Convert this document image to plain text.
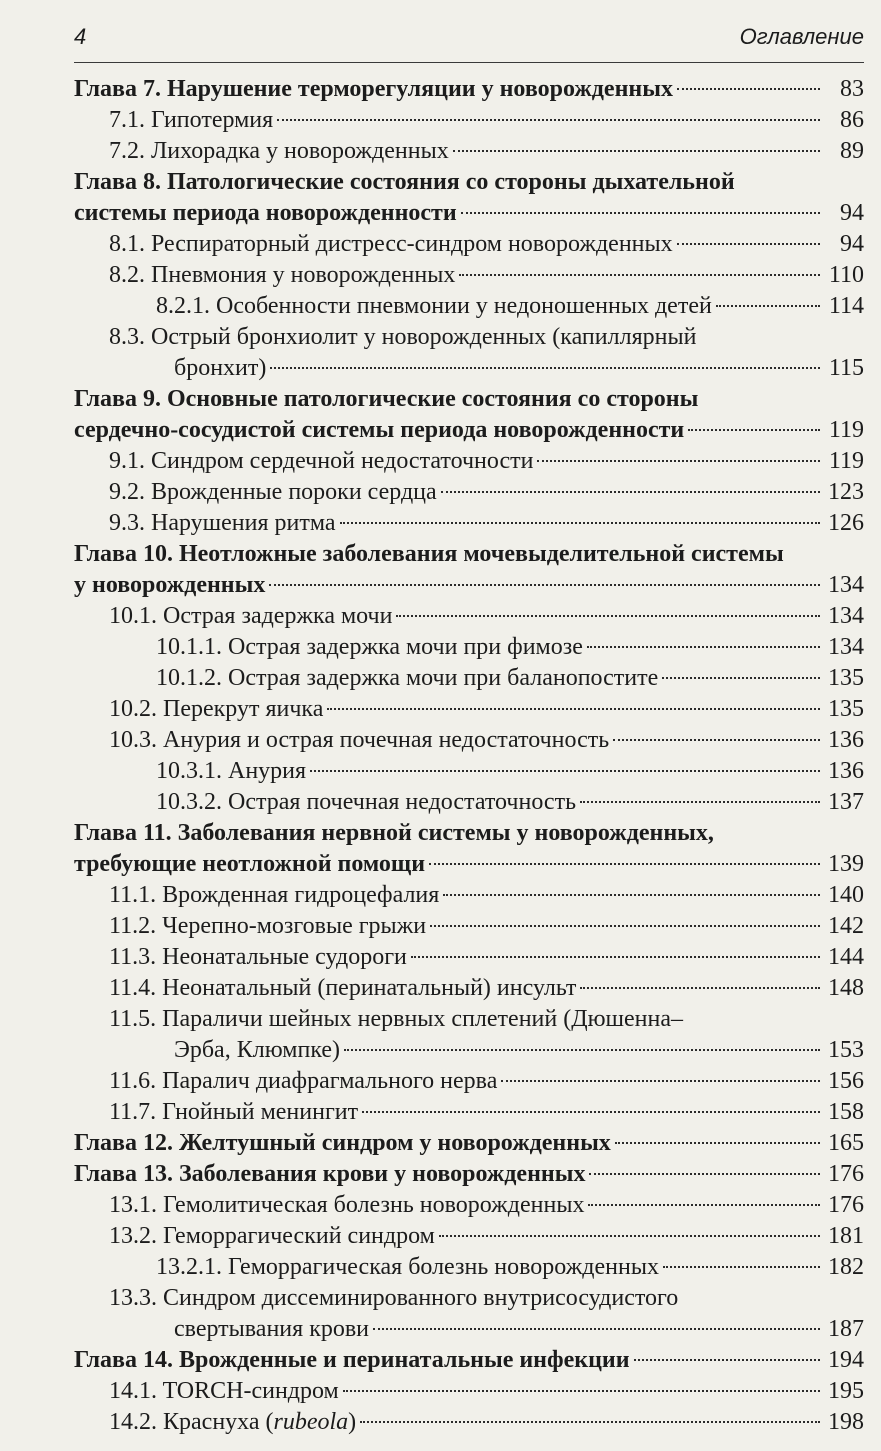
4	Оглавление
Глава 7. Нарушение терморегуляции у новорожденных	83
7.1. Гипотермия	86
7.2. Лихорадка у новорожденных	89
Глава 8. Патологические состояния со стороны дыхательной
системы периода новорожденности	94
8.1. Респираторный дистресс-синдром новорожденных	94
8.2. Пневмония у новорожденных	110
8.2.1. Особенности пневмонии у недоношенных детей	114
8.3. Острый бронхиолит у новорожденных (капиллярный
бронхит)	115
Глава 9. Основные патологические состояния со стороны
сердечно-сосудистой системы периода новорожденности	119
9.1. Синдром сердечной недостаточности	119
9.2. Врожденные пороки сердца	123
9.3. Нарушения ритма	126
Глава 10. Неотложные заболевания мочевыделительной системы
у новорожденных	134
10.1. Острая задержка мочи	134
10.1.1. Острая задержка мочи при фимозе	134
10.1.2. Острая задержка мочи при баланопостите	135
10.2. Перекрут яичка	135
10.3. Анурия и острая почечная недостаточность	136
10.3.1. Анурия	136
10.3.2. Острая почечная недостаточность	137
Глава 11. Заболевания нервной системы у новорожденных,
требующие неотложной помощи	139
11.1. Врожденная гидроцефалия	140
11.2. Черепно-мозговые грыжи	142
11.3. Неонатальные судороги	144
11.4. Неонатальный (перинатальный) инсульт	148
11.5. Параличи шейных нервных сплетений (Дюшенна–
Эрба, Клюмпке)	153
11.6. Паралич диафрагмального нерва	156
11.7. Гнойный менингит	158
Глава 12. Желтушный синдром у новорожденных	165
Глава 13. Заболевания крови у новорожденных	176
13.1. Гемолитическая болезнь новорожденных	176
13.2. Геморрагический синдром	181
13.2.1. Геморрагическая болезнь новорожденных	182
13.3. Синдром диссеминированного внутрисосудистого
свертывания крови	187
Глава 14. Врожденные и перинатальные инфекции	194
14.1. TORCH-синдром	195
14.2. Краснуха (rubeola)	198
